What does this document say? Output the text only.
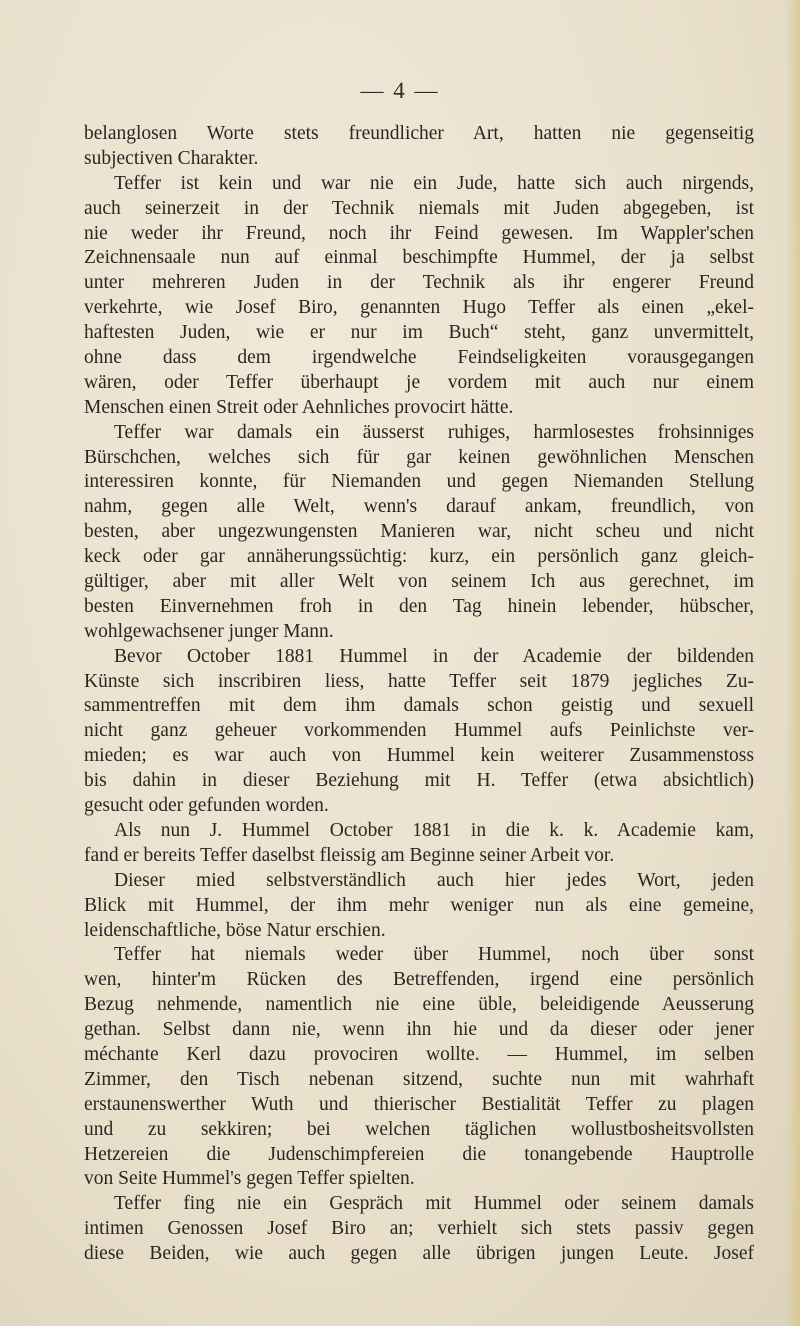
— 4 —
belanglosen Worte stets freundlicher Art, hatten nie gegenseitig
subjectiven Charakter.
Teffer ist kein und war nie ein Jude, hatte sich auch nirgends,
auch seinerzeit in der Technik niemals mit Juden abgegeben, ist
nie weder ihr Freund, noch ihr Feind gewesen. Im Wappler'schen
Zeichnensaale nun auf einmal beschimpfte Hummel, der ja selbst
unter mehreren Juden in der Technik als ihr engerer Freund
verkehrte, wie Josef Biro, genannten Hugo Teffer als einen „ekel-
haftesten Juden, wie er nur im Buch“ steht, ganz unvermittelt,
ohne dass dem irgendwelche Feindseligkeiten vorausgegangen
wären, oder Teffer überhaupt je vordem mit auch nur einem
Menschen einen Streit oder Aehnliches provocirt hätte.
Teffer war damals ein äusserst ruhiges, harmlosestes frohsinniges
Bürschchen, welches sich für gar keinen gewöhnlichen Menschen
interessiren konnte, für Niemanden und gegen Niemanden Stellung
nahm, gegen alle Welt, wenn's darauf ankam, freundlich, von
besten, aber ungezwungensten Manieren war, nicht scheu und nicht
keck oder gar annäherungssüchtig: kurz, ein persönlich ganz gleich-
gültiger, aber mit aller Welt von seinem Ich aus gerechnet, im
besten Einvernehmen froh in den Tag hinein lebender, hübscher,
wohlgewachsener junger Mann.
Bevor October 1881 Hummel in der Academie der bildenden
Künste sich inscribiren liess, hatte Teffer seit 1879 jegliches Zu-
sammentreffen mit dem ihm damals schon geistig und sexuell
nicht ganz geheuer vorkommenden Hummel aufs Peinlichste ver-
mieden; es war auch von Hummel kein weiterer Zusammenstoss
bis dahin in dieser Beziehung mit H. Teffer (etwa absichtlich)
gesucht oder gefunden worden.
Als nun J. Hummel October 1881 in die k. k. Academie kam,
fand er bereits Teffer daselbst fleissig am Beginne seiner Arbeit vor.
Dieser mied selbstverständlich auch hier jedes Wort, jeden
Blick mit Hummel, der ihm mehr weniger nun als eine gemeine,
leidenschaftliche, böse Natur erschien.
Teffer hat niemals weder über Hummel, noch über sonst
wen, hinter'm Rücken des Betreffenden, irgend eine persönlich
Bezug nehmende, namentlich nie eine üble, beleidigende Aeusserung
gethan. Selbst dann nie, wenn ihn hie und da dieser oder jener
méchante Kerl dazu provociren wollte. — Hummel, im selben
Zimmer, den Tisch nebenan sitzend, suchte nun mit wahrhaft
erstaunenswerther Wuth und thierischer Bestialität Teffer zu plagen
und zu sekkiren; bei welchen täglichen wollustbosheitsvollsten
Hetzereien die Judenschimpfereien die tonangebende Hauptrolle
von Seite Hummel's gegen Teffer spielten.
Teffer fing nie ein Gespräch mit Hummel oder seinem damals
intimen Genossen Josef Biro an; verhielt sich stets passiv gegen
diese Beiden, wie auch gegen alle übrigen jungen Leute. Josef
